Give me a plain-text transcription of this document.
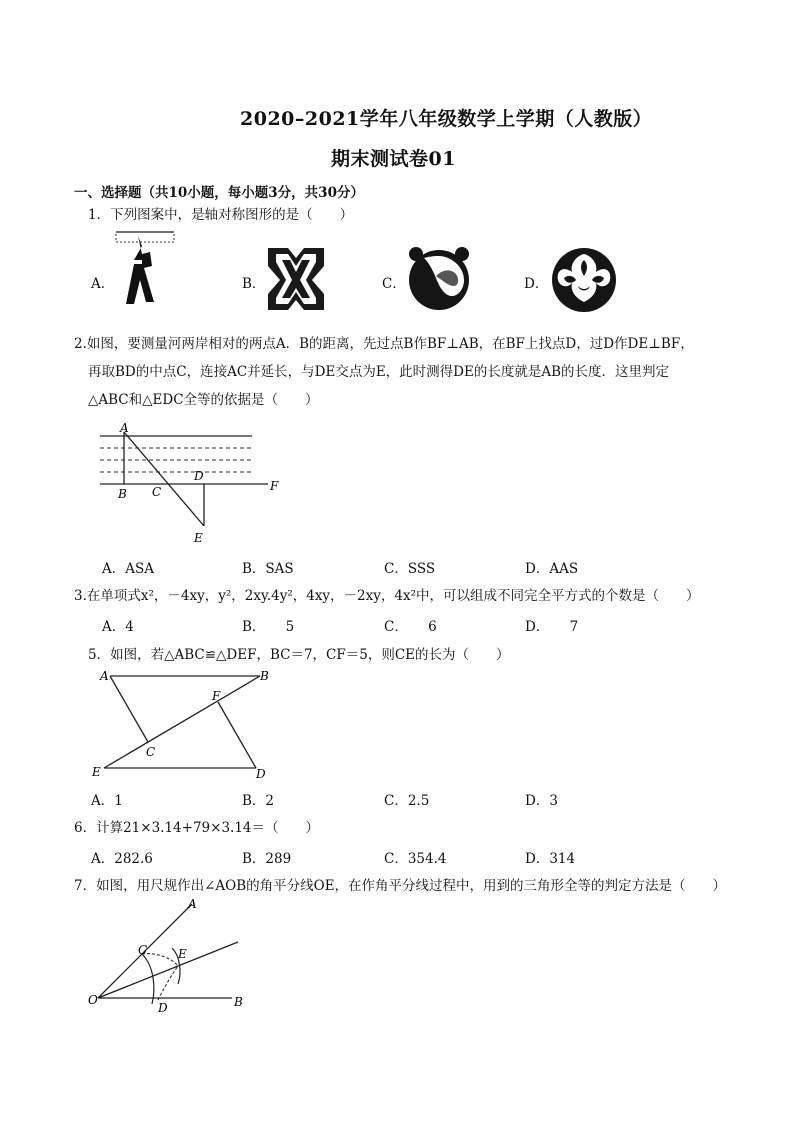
2020–2021学年八年级数学上学期（人教版）
期末测试卷01
一、选择题（共10小题，每小题3分，共30分）
1．下列图案中，是轴对称图形的是（　　）
A．	B．	C．	D．
2.如图，要测量河两岸相对的两点A．B的距离，先过点B作BF⊥AB，在BF上找点D，过D作DE⊥BF，
再取BD的中点C，连接AC并延长，与DE交点为E，此时测得DE的长度就是AB的长度．这里判定
△ABC和△EDC全等的依据是（　　）
A
B C
D
E
F
A．ASA	B．SAS	C．SSS	D．AAS
3.在单项式x²，－4xy，y²，2xy.4y²，4xy，－2xy，4x²中，可以组成不同完全平方式的个数是（　　）
A．4	B．　　5	C．　　6	D．　　7
5．如图，若△ABC≌△DEF，BC＝7，CF＝5，则CE的长为（　　）
A	B
C
D
E
F
A．1	B．2	C．2.5	D．3
6．计算21×3.14+79×3.14＝（　　）
A．282.6	B．289	C．354.4	D．314
7．如图，用尺规作出∠AOB的角平分线OE，在作角平分线过程中，用到的三角形全等的判定方法是（　　）
A
B
C
D
E
O
